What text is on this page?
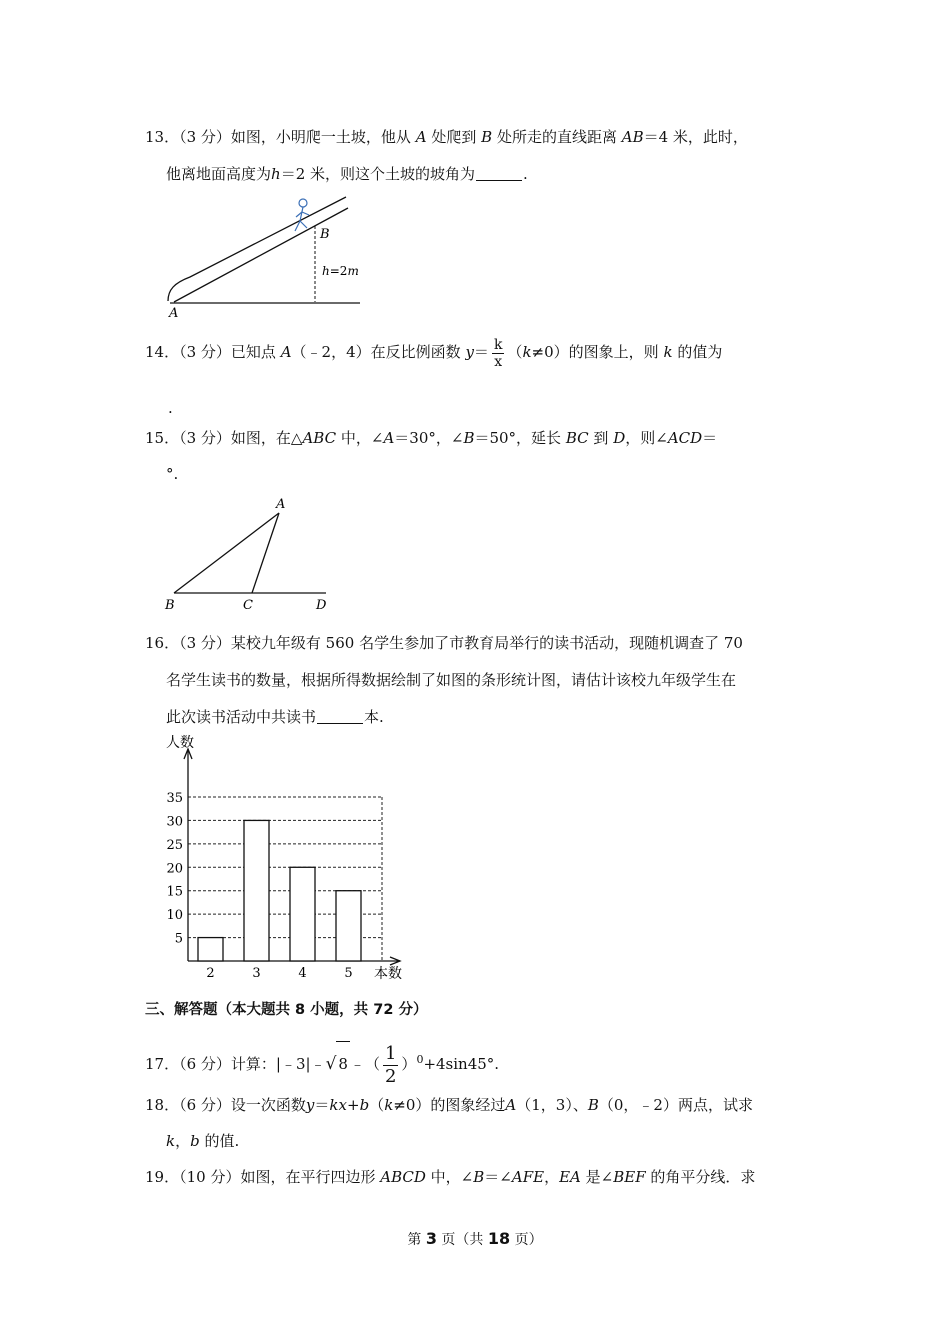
13．（3 分）如图，小明爬一土坡，他从 A 处爬到 B 处所走的直线距离 AB＝4 米，此时，
他离地面高度为h＝2 米，则这个土坡的坡角为	.
B
A
h=2m
14．（3 分）已知点 A（﹣2，4）在反比例函数 $y= \frac{k}{x} (k\ne 0)$的图象上，则 k 的值为
.
15．（3 分）如图，在△ABC 中，∠A＝30°，∠B＝50°，延长 BC 到 D，则∠ACD＝
°.
A
B	C	D
16．（3 分）某校九年级有 560 名学生参加了市教育局举行的读书活动，现随机调查了 70
名学生读书的数量，根据所得数据绘制了如图的条形统计图，请估计该校九年级学生在
此次读书活动中共读书	本.
5
10
15
20
25
30
35
2	3	4	5
人数
本数
三、解答题（本大题共 8 小题，共 72 分）
17．（6 分）计算：|﹣3|﹣√ 8 ﹣（ $\frac{1}{2} )^0+4\sin 45^\circ$.
18．（6 分）设一次函数y＝kx+b（k≠0）的图象经过A（1，3）、B（0，﹣2）两点，试求
k，b 的值.
19．（10 分）如图，在平行四边形 ABCD 中，∠B＝∠AFE，EA 是∠BEF 的角平分线．求
第 3 页（共 18 页）
